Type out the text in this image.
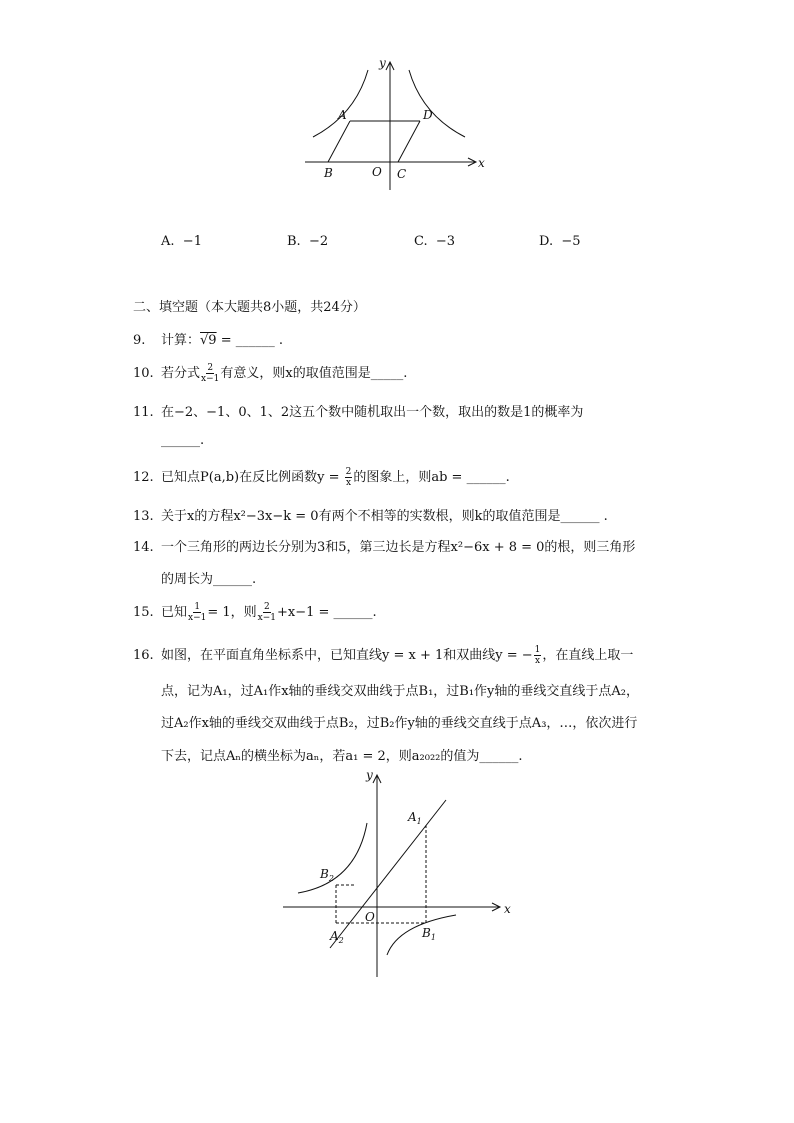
y
x
A	D
B	O C
A. −1	B. −2	C. −3	D. −5
二、填空题（本大题共8小题，共24分）
9. 计算：√9 = ______ .
10. 若分式 $\frac{2}{x-1}$ 有意义，则x的取值范围是_____.
11. 在−2、−1、0、1、2这五个数中随机取出一个数，取出的数是1的概率为
______.
12. 已知点P(a,b)在反比例函数$y = \frac{2}{x}$ 的图象上，则ab = ______.
13. 关于x的方程x²−3x−k = 0有两个不相等的实数根，则k的取值范围是______ .
14. 一个三角形的两边长分别为3和5，第三边长是方程x²−6x + 8 = 0的根，则三角形
的周长为______.
15. 已知 $\frac{1}{x-1} = 1$，则 $\frac{2}{x-1} +x-1$ = ______.
16. 如图，在平面直角坐标系中，已知直线y = x + 1和双曲线y = − $\frac{1}{x}$ ，在直线上取一
点，记为A₁，过A₁作x轴的垂线交双曲线于点B₁，过B₁作y轴的垂线交直线于点A₂，
过A₂作x轴的垂线交双曲线于点B₂，过B₂作y轴的垂线交直线于点A₃，…，依次进行
下去，记点Aₙ的横坐标为aₙ，若a₁ = 2，则a₂₀₂₂的值为______.
y
x
$A_1$
$B_2$
O
$A_2$
$B_1$
